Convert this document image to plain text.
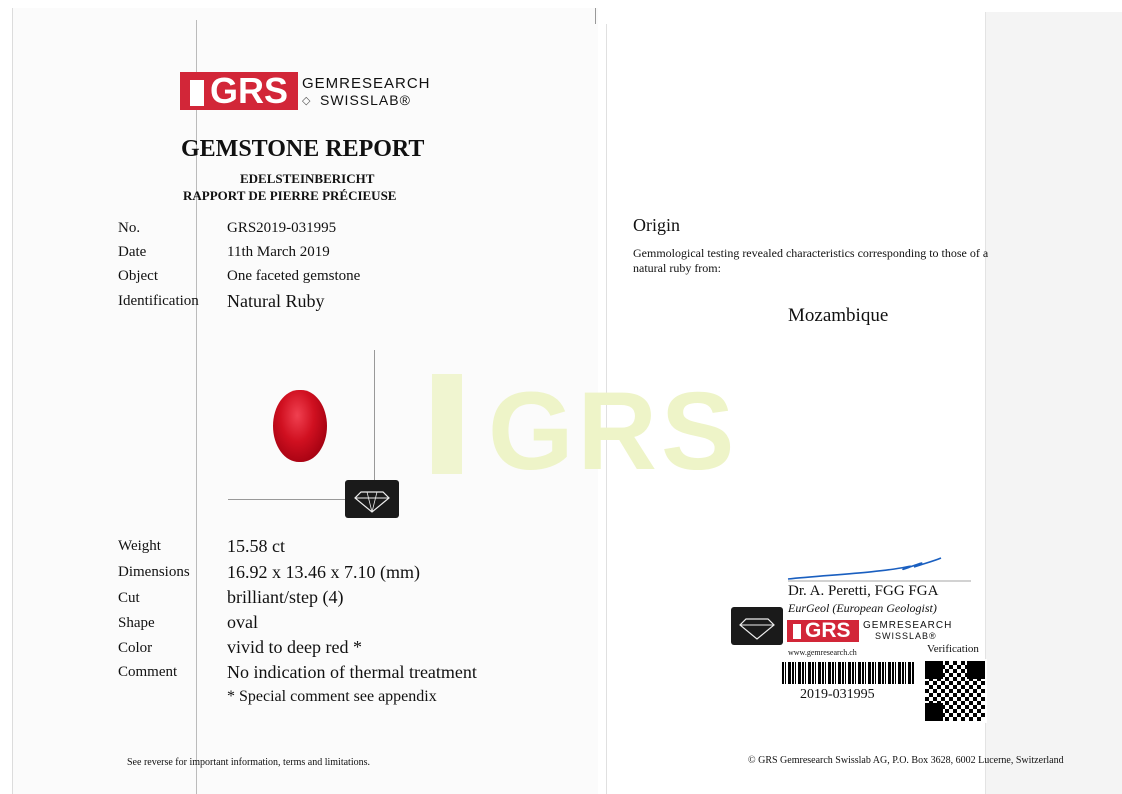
GRS
GRS GEMRESEARCH
SWISSLAB®
◇
GEMSTONE REPORT
EDELSTEINBERICHT
RAPPORT DE PIERRE PRÉCIEUSE
No.	GRS2019-031995
Date	11th March 2019
Object	One faceted gemstone
Identification Natural Ruby
Weight	15.58 ct
Dimensions 16.92 x 13.46 x 7.10 (mm)
Cut	brilliant/step (4)
Shape	oval
Color	vivid to deep red *
Comment	No indication of thermal treatment
* Special comment see appendix
See reverse for important information, terms and limitations.
Origin
Gemmological testing revealed characteristics corresponding to those of a natural ruby from:
Mozambique
Dr. A. Peretti, FGG FGA
EurGeol (European Geologist)
GRS	GEMRESEARCH
SWISSLAB®
www.gemresearch.ch	Verification
2019-031995
© GRS Gemresearch Swisslab AG, P.O. Box 3628, 6002 Lucerne, Switzerland
